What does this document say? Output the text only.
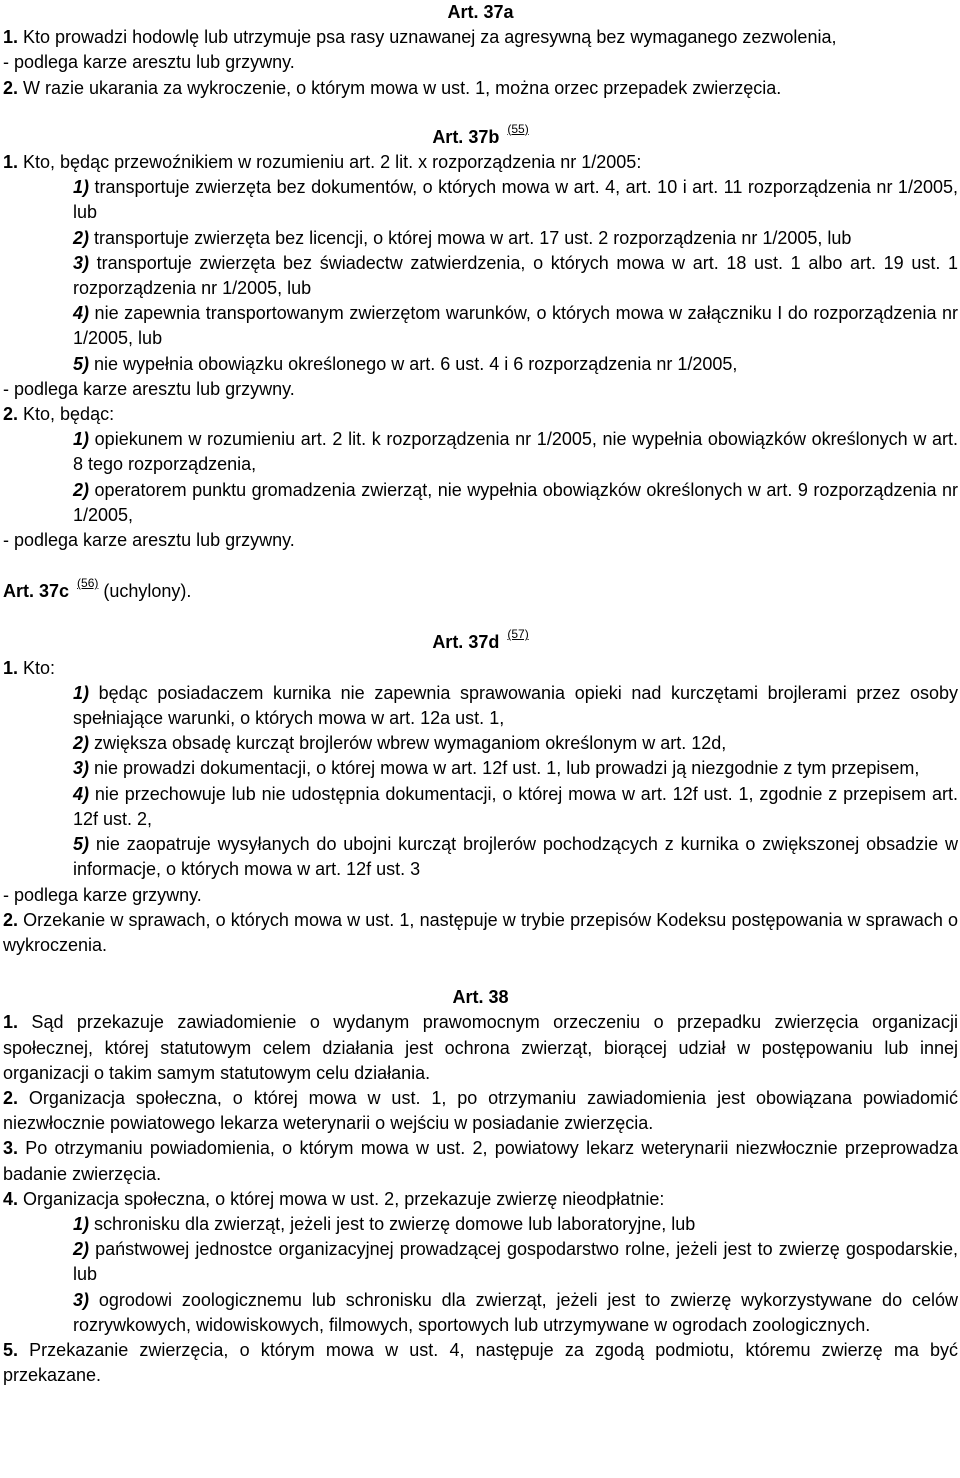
Art. 37a

1. Kto prowadzi hodowlę lub utrzymuje psa rasy uznawanej za agresywną bez wymaganego zezwolenia,

- podlega karze aresztu lub grzywny.

2. W razie ukarania za wykroczenie, o którym mowa w ust. 1, można orzec przepadek zwierzęcia.

Art. 37b $^{(55)}$

1. Kto, będąc przewoźnikiem w rozumieniu art. 2 lit. x rozporządzenia nr 1/2005:

1) transportuje zwierzęta bez dokumentów, o których mowa w art. 4, art. 10 i art. 11 rozporządzenia nr 1/2005, lub

2) transportuje zwierzęta bez licencji, o której mowa w art. 17 ust. 2 rozporządzenia nr 1/2005, lub

3) transportuje zwierzęta bez świadectw zatwierdzenia, o których mowa w art. 18 ust. 1 albo art. 19 ust. 1 rozporządzenia nr 1/2005, lub

4) nie zapewnia transportowanym zwierzętom warunków, o których mowa w załączniku I do rozporządzenia nr 1/2005, lub

5) nie wypełnia obowiązku określonego w art. 6 ust. 4 i 6 rozporządzenia nr 1/2005,

- podlega karze aresztu lub grzywny.

2. Kto, będąc:

1) opiekunem w rozumieniu art. 2 lit. k rozporządzenia nr 1/2005, nie wypełnia obowiązków określonych w art. 8 tego rozporządzenia,

2) operatorem punktu gromadzenia zwierząt, nie wypełnia obowiązków określonych w art. 9 rozporządzenia nr 1/2005,

- podlega karze aresztu lub grzywny.

Art. 37c $^{(56)}$ (uchylony).

Art. 37d $^{(57)}$

1. Kto:

1) będąc posiadaczem kurnika nie zapewnia sprawowania opieki nad kurczętami brojlerami przez osoby spełniające warunki, o których mowa w art. 12a ust. 1,

2) zwiększa obsadę kurcząt brojlerów wbrew wymaganiom określonym w art. 12d,

3) nie prowadzi dokumentacji, o której mowa w art. 12f ust. 1, lub prowadzi ją niezgodnie z tym przepisem,

4) nie przechowuje lub nie udostępnia dokumentacji, o której mowa w art. 12f ust. 1, zgodnie z przepisem art. 12f ust. 2,

5) nie zaopatruje wysyłanych do ubojni kurcząt brojlerów pochodzących z kurnika o zwiększonej obsadzie w informacje, o których mowa w art. 12f ust. 3

- podlega karze grzywny.

2. Orzekanie w sprawach, o których mowa w ust. 1, następuje w trybie przepisów Kodeksu postępowania w sprawach o wykroczenia.

Art. 38

1. Sąd przekazuje zawiadomienie o wydanym prawomocnym orzeczeniu o przepadku zwierzęcia organizacji społecznej, której statutowym celem działania jest ochrona zwierząt, biorącej udział w postępowaniu lub innej organizacji o takim samym statutowym celu działania.

2. Organizacja społeczna, o której mowa w ust. 1, po otrzymaniu zawiadomienia jest obowiązana powiadomić niezwłocznie powiatowego lekarza weterynarii o wejściu w posiadanie zwierzęcia.

3. Po otrzymaniu powiadomienia, o którym mowa w ust. 2, powiatowy lekarz weterynarii niezwłocznie przeprowadza badanie zwierzęcia.

4. Organizacja społeczna, o której mowa w ust. 2, przekazuje zwierzę nieodpłatnie:

1) schronisku dla zwierząt, jeżeli jest to zwierzę domowe lub laboratoryjne, lub

2) państwowej jednostce organizacyjnej prowadzącej gospodarstwo rolne, jeżeli jest to zwierzę gospodarskie, lub

3) ogrodowi zoologicznemu lub schronisku dla zwierząt, jeżeli jest to zwierzę wykorzystywane do celów rozrywkowych, widowiskowych, filmowych, sportowych lub utrzymywane w ogrodach zoologicznych.

5. Przekazanie zwierzęcia, o którym mowa w ust. 4, następuje za zgodą podmiotu, któremu zwierzę ma być przekazane.
